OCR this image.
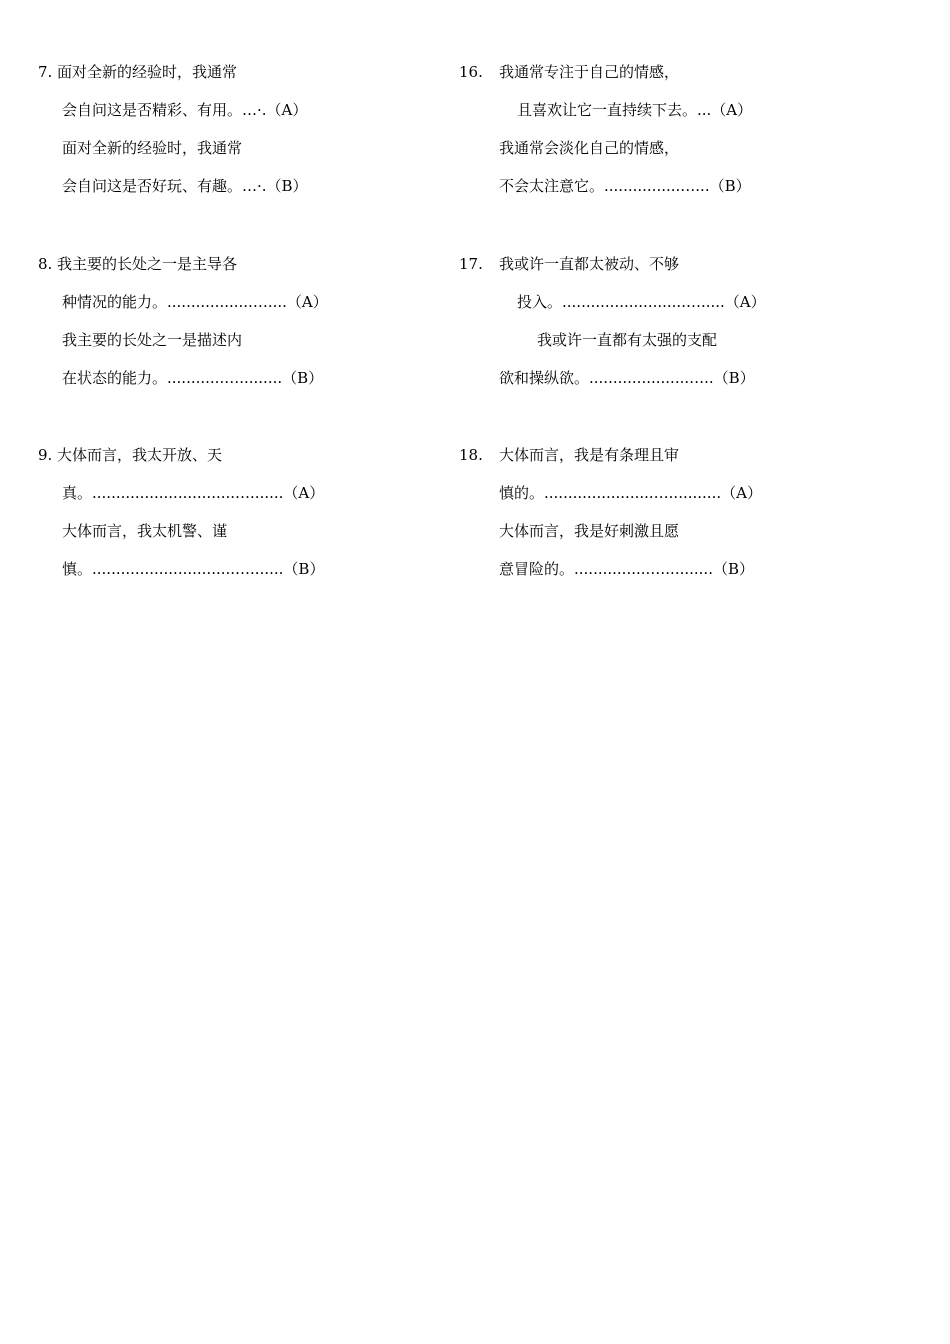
7. 面对全新的经验时，我通常
会自问这是否精彩、有用。…·.（A）
面对全新的经验时，我通常
会自问这是否好玩、有趣。…·.（B）
8. 我主要的长处之一是主导各
种情况的能力。..................…....（A）
我主要的长处之一是描述内
在状态的能力。............….........（B）
9. 大体而言，我太开放、天
真。..............................….......（A）
大体而言，我太机警、谨
慎。..............................….......（B）
16. 我通常专注于自己的情感，
且喜欢让它一直持续下去。...（A）
我通常会淡化自己的情感，
不会太注意它。................…...（B）
17. 我或许一直都太被动、不够
投入。..........................….....（A）
我或许一直都有太强的支配
欲和操纵欲。.....................…..（B）
18. 大体而言，我是有条理且审
慎的。.......................…...........（A）
大体而言，我是好刺激且愿
意冒险的。................…..........（B）
